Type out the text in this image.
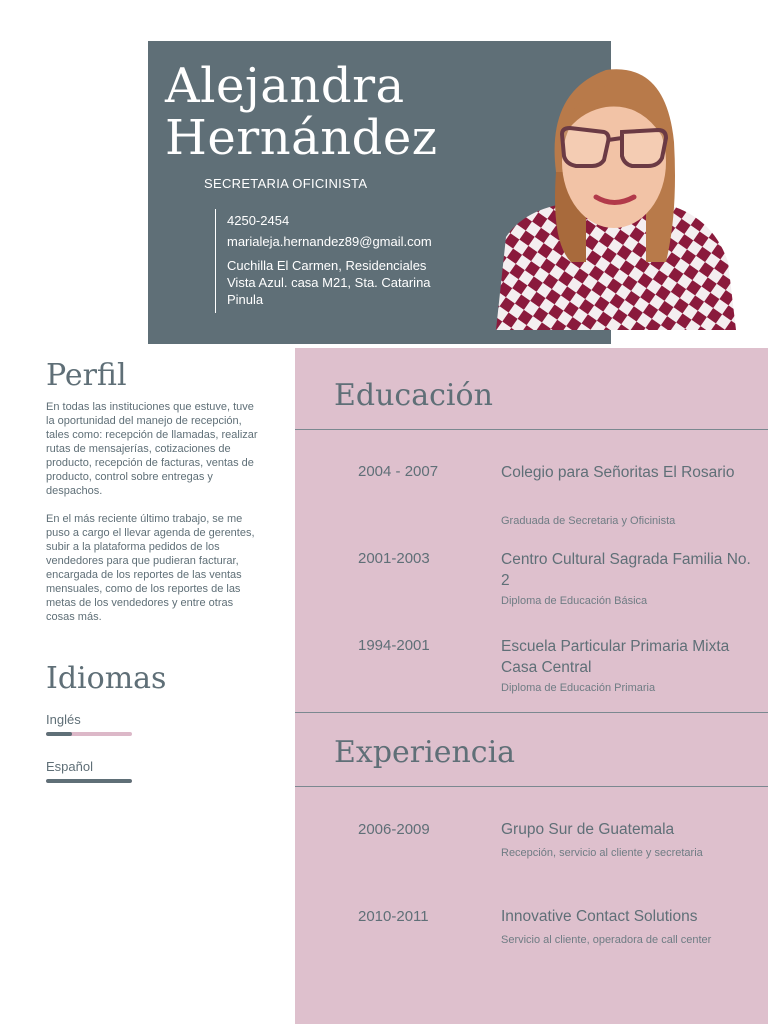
Alejandra
Hernández
SECRETARIA OFICINISTA
4250-2454
marialeja.hernandez89@gmail.com
Cuchilla El Carmen, Residenciales Vista Azul. casa M21, Sta. Catarina Pinula
Perfil

En todas las instituciones que estuve, tuve la oportunidad del manejo de recepción, tales como: recepción de llamadas, realizar rutas de mensajerías, cotizaciones de producto, recepción de facturas, ventas de producto, control sobre entregas y despachos.

En el más reciente último trabajo, se me puso a cargo el llevar agenda de gerentes, subir a la plataforma pedidos de los vendedores para que pudieran facturar, encargada de los reportes de las ventas mensuales, como de los reportes de las metas de los vendedores y entre otras cosas más.

Idiomas
Inglés
Español
Educación
2004 - 2007	Colegio para Señoritas El Rosario
Graduada de Secretaria y Oficinista
2001-2003	Centro Cultural Sagrada Familia No. 2
Diploma de Educación Básica
1994-2001	Escuela Particular Primaria Mixta Casa Central
Diploma de Educación Primaria
Experiencia
2006-2009	Grupo Sur de Guatemala
Recepción, servicio al cliente y secretaria
2010-2011	Innovative Contact Solutions
Servicio al cliente, operadora de call center
